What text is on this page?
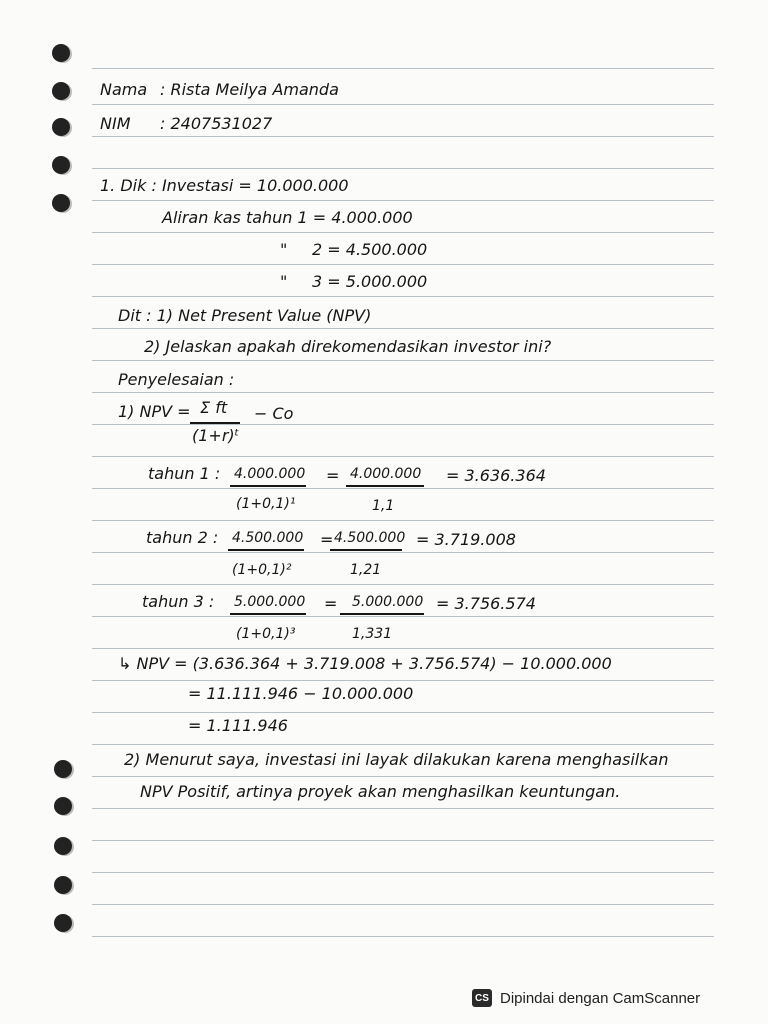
Nama : Rista Meilya Amanda
NIM : 2407531027
1. Dik : Investasi = 10.000.000
Aliran kas tahun 1 = 4.000.000
" 2 = 4.500.000
" 3 = 5.000.000
Dit : 1) Net Present Value (NPV)
2) Jelaskan apakah direkomendasikan investor ini?
Penyelesaian :
1) NPV = Σ ft
(1+r)ᵗ
− Co
tahun 1 : 4.000.000
(1+0,1)¹
= 4.000.000
1,1
= 3.636.364
tahun 2 : 4.500.000
(1+0,1)²
= 4.500.000
1,21
= 3.719.008
tahun 3 : 5.000.000
(1+0,1)³
= 5.000.000
1,331
= 3.756.574
↳ NPV = (3.636.364 + 3.719.008 + 3.756.574) − 10.000.000
= 11.111.946 − 10.000.000
= 1.111.946
2) Menurut saya, investasi ini layak dilakukan karena menghasilkan
NPV Positif, artinya proyek akan menghasilkan keuntungan.
CS Dipindai dengan CamScanner
